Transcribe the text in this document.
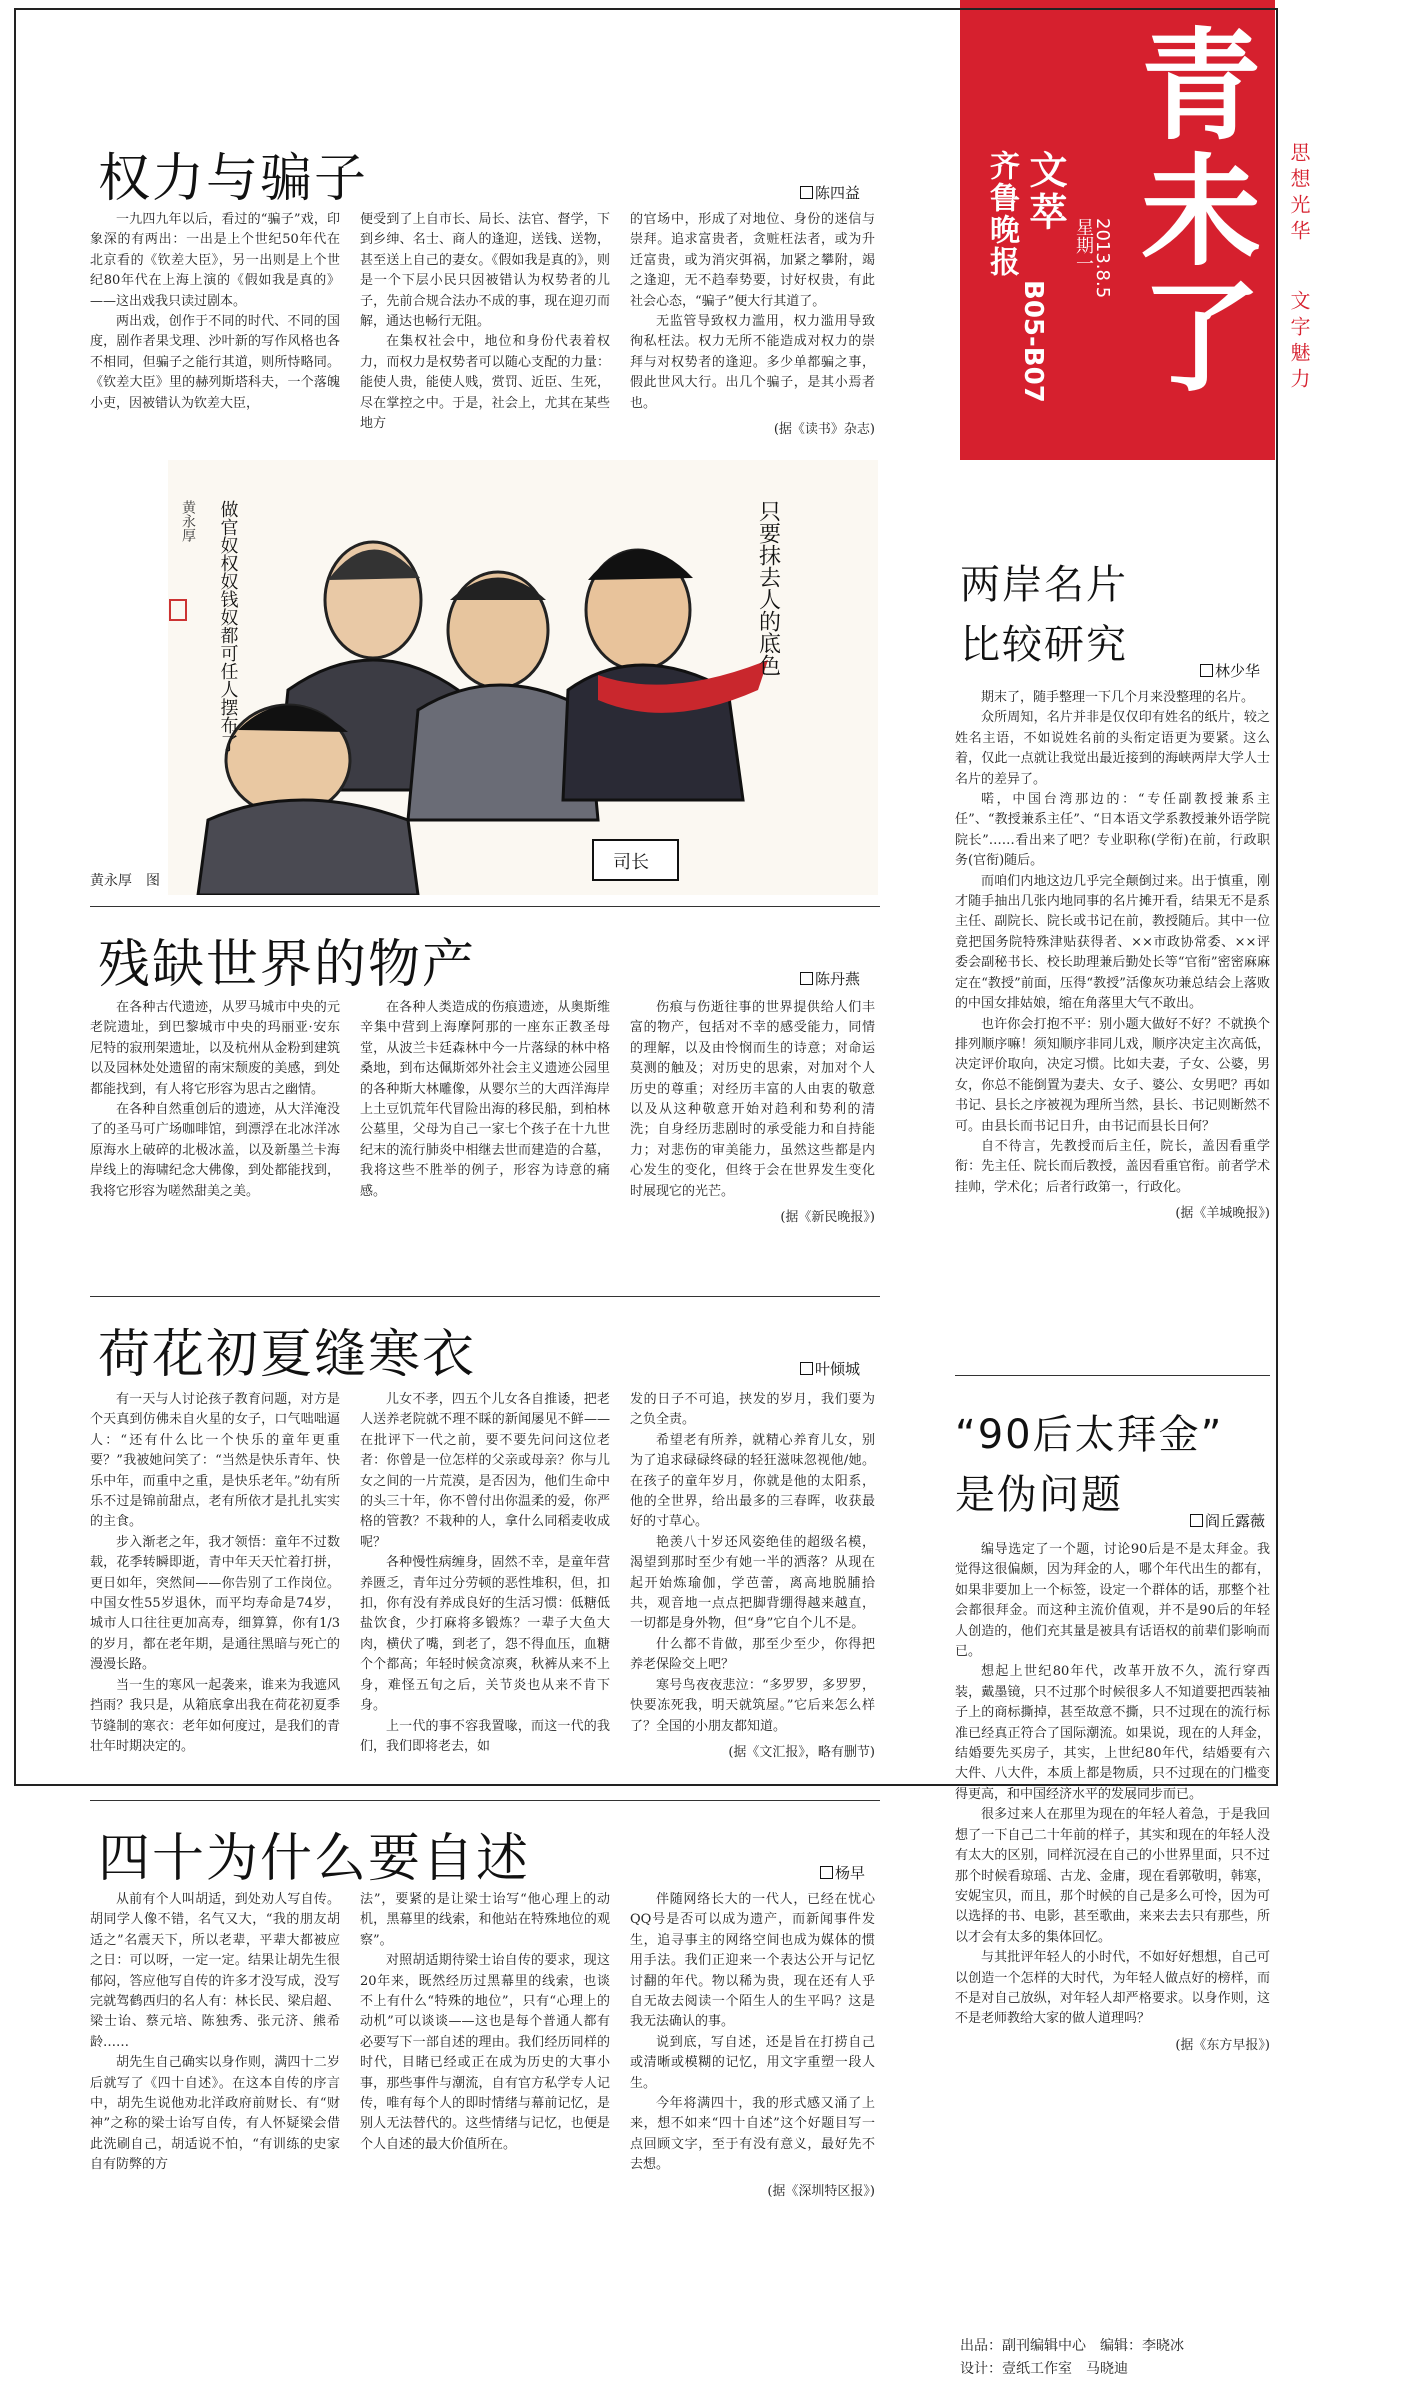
齐鲁晚报 文萃
B05-B07
星期一
2013.8.5 青未了 思想光华
文字魅力
权力与骗子	陈四益

一九四九年以后，看过的“骗子”戏，印象深的有两出：一出是上个世纪50年代在北京看的《钦差大臣》，另一出则是上个世纪80年代在上海上演的《假如我是真的》——这出戏我只读过剧本。

两出戏，创作于不同的时代、不同的国度，剧作者果戈理、沙叶新的写作风格也各不相同，但骗子之能行其道，则所恃略同。《钦差大臣》里的赫列斯塔科夫，一个落魄小吏，因被错认为钦差大臣，

便受到了上自市长、局长、法官、督学，下到乡绅、名士、商人的逢迎，送钱、送物，甚至送上自己的妻女。《假如我是真的》，则是一个下层小民只因被错认为权势者的儿子，先前合规合法办不成的事，现在迎刃而解，通达也畅行无阻。

在集权社会中，地位和身份代表着权力，而权力是权势者可以随心支配的力量：能使人贵，能使人贱，赏罚、近臣、生死，尽在掌控之中。于是，社会上，尤其在某些地方

的官场中，形成了对地位、身份的迷信与崇拜。追求富贵者，贪赃枉法者，或为升迁富贵，或为消灾弭祸，加紧之攀附，竭之逢迎，无不趋奉势要，讨好权贵，有此社会心态，“骗子”便大行其道了。

无监管导致权力滥用，权力滥用导致徇私枉法。权力无所不能造成对权力的崇拜与对权势者的逢迎。多少单都骗之事，假此世风大行。出几个骗子，是其小焉者也。

(据《读书》杂志)

只要抹去人的底色
做官奴权奴钱奴都可任人摆布了
黄永厚
司长
黄永厚　图
残缺世界的物产	陈丹燕

在各种古代遗迹，从罗马城市中央的元老院遗址，到巴黎城市中央的玛丽亚·安东尼特的寂刑架遗址，以及杭州从金粉到建筑以及园林处处遗留的南宋颓废的美感，到处都能找到，有人将它形容为思古之幽情。

在各种自然重创后的遗迹，从大洋淹没了的圣马可广场咖啡馆，到漂浮在北冰洋冰原海水上破碎的北极冰盖，以及新墨兰卡海岸线上的海啸纪念大佛像，到处都能找到，我将它形容为嗟然甜美之美。

在各种人类造成的伤痕遗迹，从奥斯维辛集中营到上海摩阿那的一座东正教圣母堂，从波兰卡廷森林中今一片落绿的林中格桑地，到布达佩斯郊外社会主义遗迹公园里的各种斯大林雕像，从婴尔兰的大西洋海岸上土豆饥荒年代冒险出海的移民船，到柏林公墓里，父母为自己一家七个孩子在十九世纪末的流行肺炎中相继去世而建造的合墓，我将这些不胜举的例子，形容为诗意的痛感。

伤痕与伤逝往事的世界提供给人们丰富的物产，包括对不幸的感受能力，同情的理解，以及由怜悯而生的诗意；对命运莫测的触及；对历史的思索，对加对个人历史的尊重；对经历丰富的人由衷的敬意以及从这种敬意开始对趋利和势利的清洗；自身经历悲剧时的承受能力和自持能力；对悲伤的审美能力，虽然这些都是内心发生的变化，但终于会在世界发生变化时展现它的光芒。

(据《新民晚报》)

荷花初夏缝寒衣	叶倾城

有一天与人讨论孩子教育问题，对方是个天真到仿佛未自火星的女子，口气咄咄逼人：“还有什么比一个快乐的童年更重要？”我被她问笑了：“当然是快乐青年、快乐中年，而重中之重，是快乐老年。”幼有所乐不过是锦前甜点，老有所依才是扎扎实实的主食。

步入渐老之年，我才领悟：童年不过数载，花季转瞬即逝，青中年天天忙着打拼，更日如年，突然间——你告别了工作岗位。中国女性55岁退休，而平均寿命是74岁，城市人口往往更加高寿，细算算，你有1/3的岁月，都在老年期，是通往黑暗与死亡的漫漫长路。

当一生的寒风一起袭来，谁来为我遮风挡雨？我只是，从箱底拿出我在荷花初夏季节缝制的寒衣：老年如何度过，是我们的青壮年时期决定的。

儿女不孝，四五个儿女各自推诿，把老人送养老院就不理不睬的新闻屡见不鲜——在批评下一代之前，要不要先问问这位老者：你曾是一位怎样的父亲或母亲？你与儿女之间的一片荒漠，是否因为，他们生命中的头三十年，你不曾付出你温柔的爱，你严格的管教？不栽种的人，拿什么同稻麦收成呢？

各种慢性病缠身，固然不幸，是童年营养匮乏，青年过分劳顿的恶性堆积，但，扣扣，你有没有养成良好的生活习惯：低糖低盐饮食，少打麻将多锻炼？一辈子大鱼大肉，横伏了嘴，到老了，怨不得血压，血糖个个都高；年轻时候贪凉爽，秋裤从来不上身，难怪五旬之后，关节炎也从来不肯下身。

上一代的事不容我置喙，而这一代的我们，我们即将老去，如

发的日子不可追，挟发的岁月，我们要为之负全责。

希望老有所养，就精心养育儿女，别为了追求碌碌终碌的轻狂滋味忽视他/她。在孩子的童年岁月，你就是他的太阳系，他的全世界，给出最多的三春晖，收获最好的寸草心。

艳羡八十岁还风姿绝佳的超级名模，渴望到那时至少有她一半的洒落？从现在起开始炼瑜伽，学芭蕾，离高地脱脯拾共，观音地一点点把脚背绷得越来越直，一切都是身外物，但“身”它自个儿不是。

什么都不肯做，那至少至少，你得把养老保险交上吧？

寒号鸟夜夜悲泣：“多罗罗，多罗罗，快要冻死我，明天就筑屋。”它后来怎么样了？全国的小朋友都知道。

(据《文汇报》，略有删节)

四十为什么要自述	杨早

从前有个人叫胡适，到处劝人写自传。胡同学人像不错，名气又大，“我的朋友胡适之”名震天下，所以老辈，平辈大都被应之日：可以呀，一定一定。结果让胡先生很郁闷，答应他写自传的许多才没写成，没写完就驾鹤西归的名人有：林长民、梁启超、梁士诒、蔡元培、陈独秀、张元济、熊希龄……

胡先生自己确实以身作则，满四十二岁后就写了《四十自述》。在这本自传的序言中，胡先生说他劝北洋政府前财长、有“财神”之称的梁士诒写自传，有人怀疑梁会借此洗刷自己，胡适说不怕，“有训练的史家自有防弊的方

法”，要紧的是让梁士诒写“他心理上的动机，黑幕里的线索，和他站在特殊地位的观察”。

对照胡适期待梁士诒自传的要求，现这20年来，既然经历过黑幕里的线索，也谈不上有什么“特殊的地位”，只有“心理上的动机”可以谈谈——这也是每个普通人都有必要写下一部自述的理由。我们经历同样的时代，目睹已经或正在成为历史的大事小事，那些事件与潮流，自有官方私学专人记传，唯有每个人的即时情绪与幕前记忆，是别人无法替代的。这些情绪与记忆，也便是个人自述的最大价值所在。

伴随网络长大的一代人，已经在忧心QQ号是否可以成为遗产，而新闻事件发生，追寻事主的网络空间也成为媒体的惯用手法。我们正迎来一个表达公开与记忆讨翻的年代。物以稀为贵，现在还有人乎自无故去阅读一个陌生人的生平吗？这是我无法确认的事。

说到底，写自述，还是旨在打捞自己或清晰或模糊的记忆，用文字重塑一段人生。

今年将满四十，我的形式感又涌了上来，想不如来“四十自述”这个好题目写一点回顾文字，至于有没有意义，最好先不去想。

(据《深圳特区报》)

两岸名片
比较研究
林少华

期末了，随手整理一下几个月来没整理的名片。

众所周知，名片并非是仅仅印有姓名的纸片，较之姓名主语，不如说姓名前的头衔定语更为要紧。这么着，仅此一点就让我觉出最近接到的海峡两岸大学人士名片的差异了。

喏，中国台湾那边的：“专任副教授兼系主任”、“教授兼系主任”、“日本语文学系教授兼外语学院院长”……看出来了吧？专业职称(学衔)在前，行政职务(官衔)随后。

而咱们内地这边几乎完全颠倒过来。出于慎重，刚才随手抽出几张内地同事的名片摊开看，结果无不是系主任、副院长、院长或书记在前，教授随后。其中一位竟把国务院特殊津贴获得者、××市政协常委、××评委会副秘书长、校长助理兼后勤处长等“官衔”密密麻麻定在“教授”前面，压得“教授”活像灰功兼总结会上落败的中国女排姑娘，缩在角落里大气不敢出。

也许你会打抱不平：别小题大做好不好？不就换个排列顺序嘛！须知顺序非同儿戏，顺序决定主次高低，决定评价取向，决定习惯。比如夫妻，子女、公婆，男女，你总不能倒置为妻夫、女子、婆公、女男吧？再如书记、县长之序被视为理所当然，县长、书记则断然不可。由县长而书记日升，由书记而县长日何？

自不待言，先教授而后主任，院长，盖因看重学衔：先主任、院长而后教授，盖因看重官衔。前者学术挂帅，学术化；后者行政第一，行政化。

(据《羊城晚报》)

“90后太拜金”
是伪问题
阎丘露薇

编导选定了一个题，讨论90后是不是太拜金。我觉得这很偏颇，因为拜金的人，哪个年代出生的都有，如果非要加上一个标签，设定一个群体的话，那整个社会都很拜金。而这种主流价值观，并不是90后的年轻人创造的，他们充其量是被具有话语权的前辈们影响而已。

想起上世纪80年代，改革开放不久，流行穿西装，戴墨镜，只不过那个时候很多人不知道要把西装袖子上的商标撕掉，甚至故意不撕，只不过现在的流行标准已经真正符合了国际潮流。如果说，现在的人拜金，结婚要先买房子，其实，上世纪80年代，结婚要有六大件、八大件，本质上都是物质，只不过现在的门槛变得更高，和中国经济水平的发展同步而已。

很多过来人在那里为现在的年轻人着急，于是我回想了一下自己二十年前的样子，其实和现在的年轻人没有太大的区别，同样沉浸在自己的小世界里面，只不过那个时候看琼瑶、古龙、金庸，现在看郭敬明，韩寒，安妮宝贝，而且，那个时候的自己是多么可怜，因为可以选择的书、电影，甚至歌曲，来来去去只有那些，所以才会有太多的集体回忆。

与其批评年轻人的小时代，不如好好想想，自己可以创造一个怎样的大时代，为年轻人做点好的榜样，而不是对自己放纵，对年轻人却严格要求。以身作则，这不是老师教给大家的做人道理吗？

(据《东方早报》)

出品：副刊编辑中心　编辑：李晓冰
设计：壹纸工作室　马晓迪
